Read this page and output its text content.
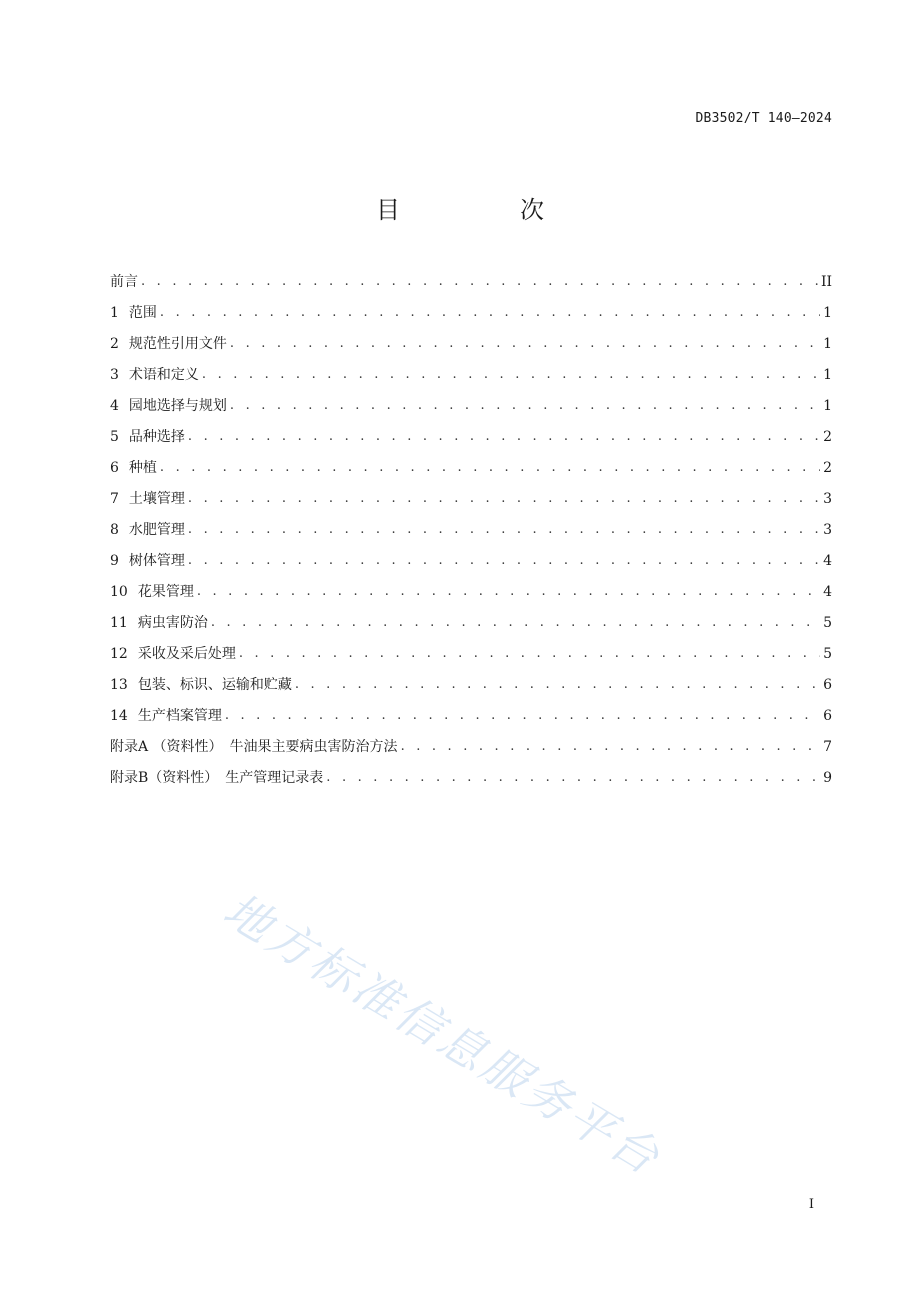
DB3502/T 140—2024
目　次
前言 . . .	II
1 范围 . . .	1
2 规范性引用文件 . . .	1
3 术语和定义 . . .	1
4 园地选择与规划 . . .	1
5 品种选择 . . .	2
6 种植 . . .	2
7 土壤管理 . . .	3
8 水肥管理 . . .	3
9 树体管理 . . .	4
10 花果管理 . . .	4
11 病虫害防治 . . .	5
12 采收及采后处理 . . .	5
13 包装、标识、运输和贮藏 . . .	6
14 生产档案管理 . . .	6
附录A （资料性）　牛油果主要病虫害防治方法 . . .	7
附录B（资料性）　生产管理记录表 . . .	9
地方标准信息服务平台
I
